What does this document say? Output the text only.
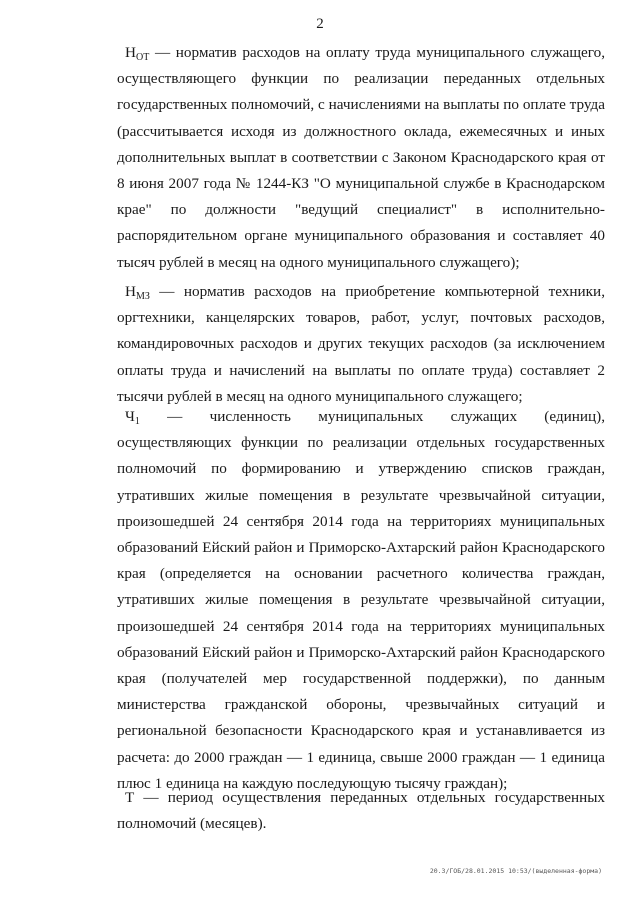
2

$Н_{ОТ}$ — норматив расходов на оплату труда муниципального служащего, осуществляющего функции по реализации переданных отдельных государственных полномочий, с начислениями на выплаты по оплате труда (рассчитывается исходя из должностного оклада, ежемесячных и иных дополнительных выплат в соответствии с Законом Краснодарского края от 8 июня 2007 года № 1244-КЗ "О муниципальной службе в Краснодарском крае" по должности "ведущий специалист" в исполнительно-распорядительном органе муниципального образования и составляет 40 тысяч рублей в месяц на одного муниципального служащего);

$Н_{МЗ}$ — норматив расходов на приобретение компьютерной техники, оргтехники, канцелярских товаров, работ, услуг, почтовых расходов, командировочных расходов и других текущих расходов (за исключением оплаты труда и начислений на выплаты по оплате труда) составляет 2 тысячи рублей в месяц на одного муниципального служащего;

$Ч_1$ — численность муниципальных служащих (единиц), осуществляющих функции по реализации отдельных государственных полномочий по формированию и утверждению списков граждан, утративших жилые помещения в результате чрезвычайной ситуации, произошедшей 24 сентября 2014 года на территориях муниципальных образований Ейский район и Приморско-Ахтарский район Краснодарского края (определяется на основании расчетного количества граждан, утративших жилые помещения в результате чрезвычайной ситуации, произошедшей 24 сентября 2014 года на территориях муниципальных образований Ейский район и Приморско-Ахтарский район Краснодарского края (получателей мер государственной поддержки), по данным министерства гражданской обороны, чрезвычайных ситуаций и региональной безопасности Краснодарского края и устанавливается из расчета: до 2000 граждан — 1 единица, свыше 2000 граждан — 1 единица плюс 1 единица на каждую последующую тысячу граждан);

Т — период осуществления переданных отдельных государственных полномочий (месяцев).

20.3/ГОБ/28.01.2015 10:53/(выделенная-форма)
